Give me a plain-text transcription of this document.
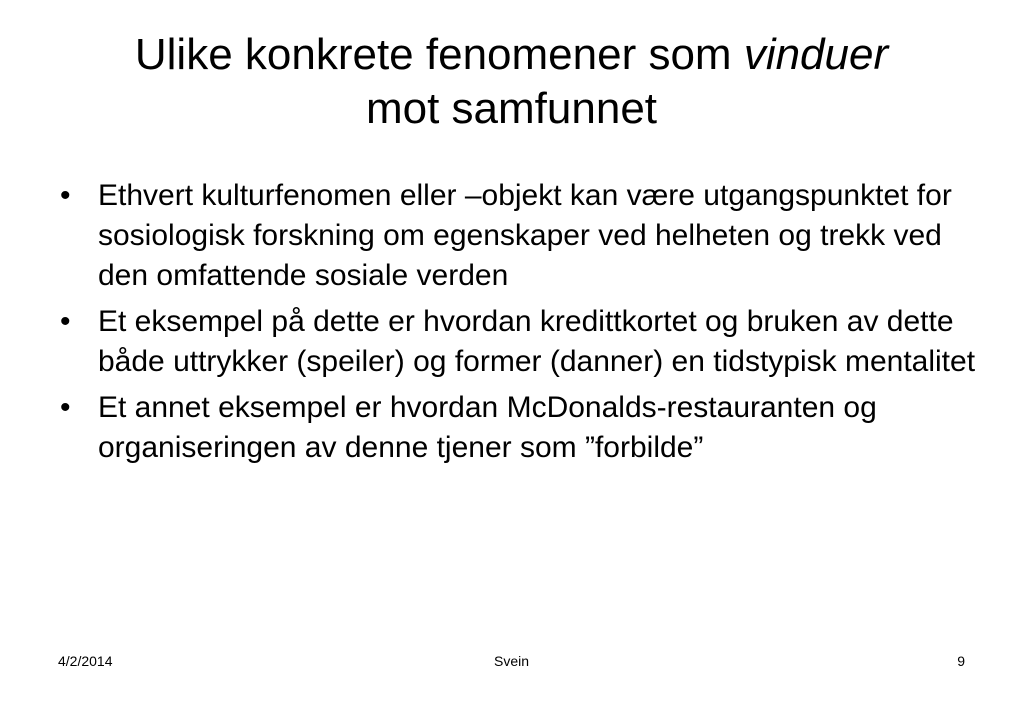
Ulike konkrete fenomener som vinduer
mot samfunnet
• Ethvert kulturfenomen eller –objekt kan være utgangspunktet for sosiologisk forskning om egenskaper ved helheten og trekk ved den omfattende sosiale verden
• Et eksempel på dette er hvordan kredittkortet og bruken av dette både uttrykker (speiler) og former (danner) en tidstypisk mentalitet
• Et annet eksempel er hvordan McDonalds-restauranten og organiseringen av denne tjener som ”forbilde”
4/2/2014	Svein	9
